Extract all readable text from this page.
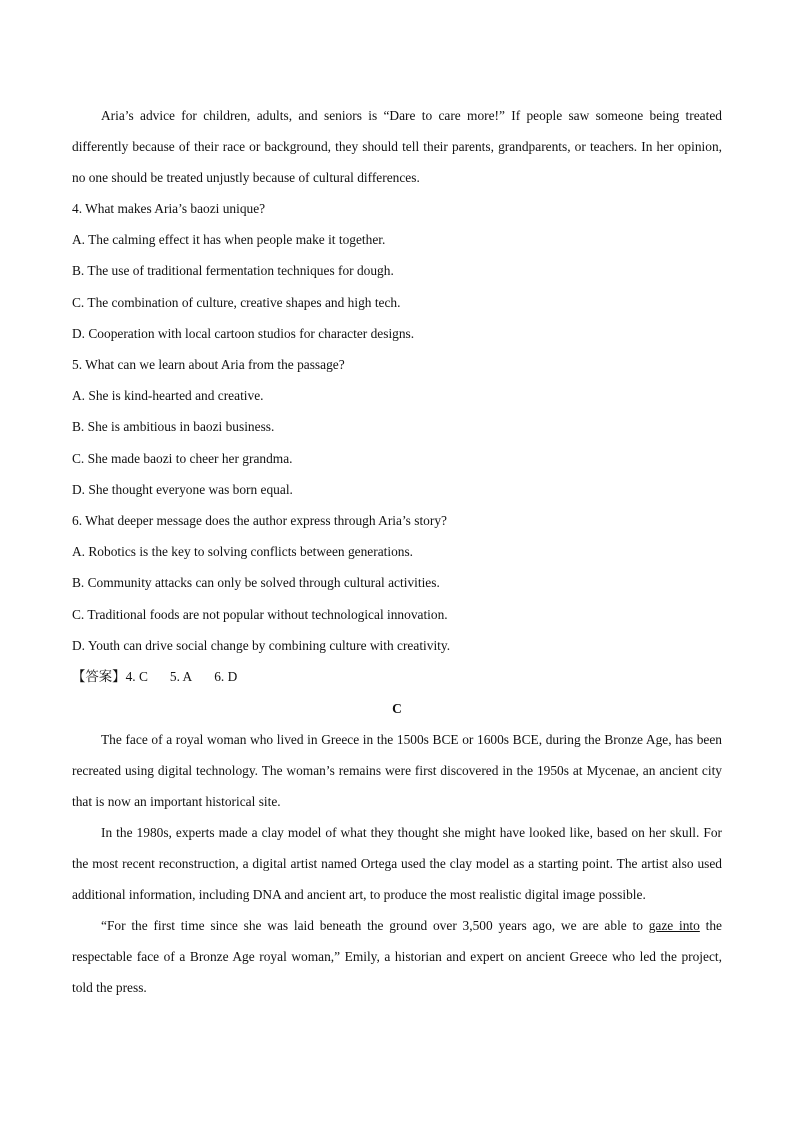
Aria’s advice for children, adults, and seniors is “Dare to care more!” If people saw someone being treated differently because of their race or background, they should tell their parents, grandparents, or teachers. In her opinion, no one should be treated unjustly because of cultural differences.

4. What makes Aria’s baozi unique?

A. The calming effect it has when people make it together.

B. The use of traditional fermentation techniques for dough.

C. The combination of culture, creative shapes and high tech.

D. Cooperation with local cartoon studios for character designs.

5. What can we learn about Aria from the passage?

A. She is kind-hearted and creative.

B. She is ambitious in baozi business.

C. She made baozi to cheer her grandma.

D. She thought everyone was born equal.

6. What deeper message does the author express through Aria’s story?

A. Robotics is the key to solving conflicts between generations.

B. Community attacks can only be solved through cultural activities.

C. Traditional foods are not popular without technological innovation.

D. Youth can drive social change by combining culture with creativity.

【答案】4. C 5. A 6. D

C

The face of a royal woman who lived in Greece in the 1500s BCE or 1600s BCE, during the Bronze Age, has been recreated using digital technology. The woman’s remains were first discovered in the 1950s at Mycenae, an ancient city that is now an important historical site.

In the 1980s, experts made a clay model of what they thought she might have looked like, based on her skull. For the most recent reconstruction, a digital artist named Ortega used the clay model as a starting point. The artist also used additional information, including DNA and ancient art, to produce the most realistic digital image possible.

“For the first time since she was laid beneath the ground over 3,500 years ago, we are able to gaze into the respectable face of a Bronze Age royal woman,” Emily, a historian and expert on ancient Greece who led the project, told the press.
